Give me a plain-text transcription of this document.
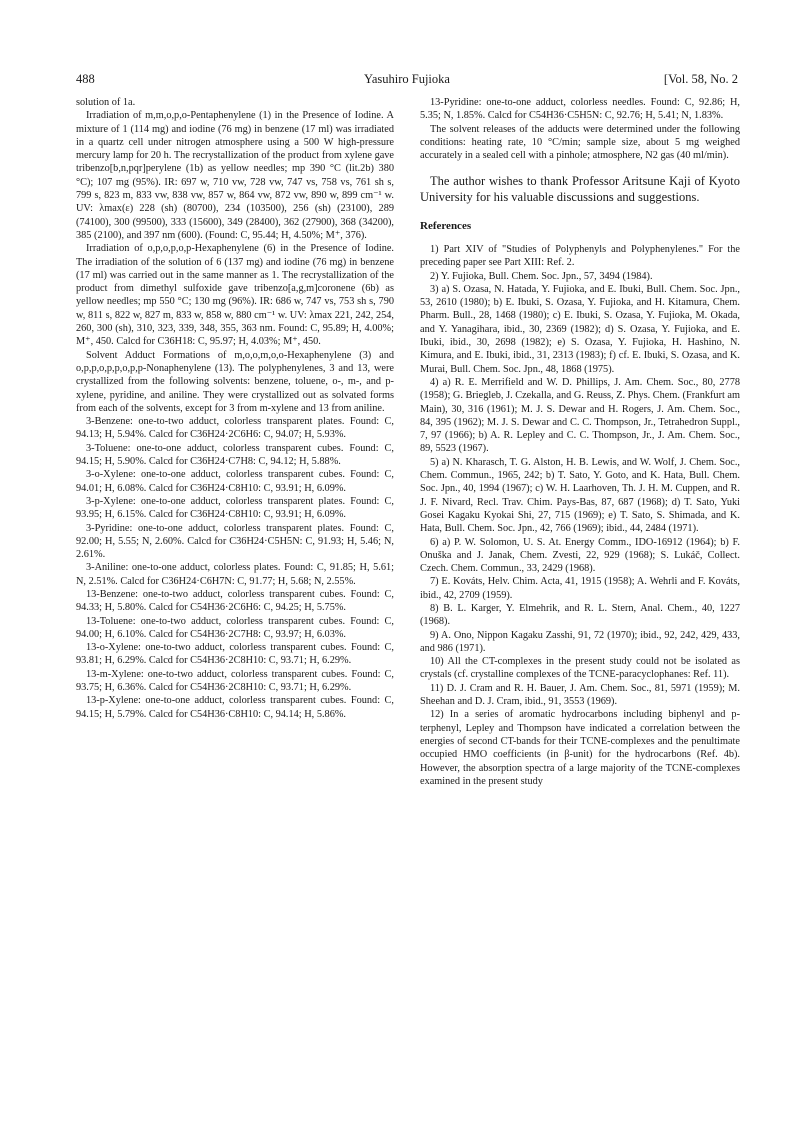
488	Yasuhiro Fujioka	[Vol. 58, No. 2

solution of 1a.

Irradiation of m,m,o,p,o-Pentaphenylene (1) in the Presence of Iodine. A mixture of 1 (114 mg) and iodine (76 mg) in benzene (17 ml) was irradiated in a quartz cell under nitrogen atmosphere using a 500 W high-pressure mercury lamp for 20 h. The recrystallization of the product from xylene gave tribenzo[b,n,pqr]perylene (1b) as yellow needles; mp 390 °C (lit.2b) 380 °C); 107 mg (95%). IR: 697 w, 710 vw, 728 vw, 747 vs, 758 vs, 761 sh s, 799 s, 823 m, 833 vw, 838 vw, 857 w, 864 vw, 872 vw, 890 w, 899 cm⁻¹ w. UV: λmax(ε) 228 (sh) (80700), 234 (103500), 256 (sh) (23100), 289 (74100), 300 (99500), 333 (15600), 349 (28400), 362 (27900), 368 (34200), 385 (2100), and 397 nm (600). (Found: C, 95.44; H, 4.50%; M⁺, 376).

Irradiation of o,p,o,p,o,p-Hexaphenylene (6) in the Presence of Iodine. The irradiation of the solution of 6 (137 mg) and iodine (76 mg) in benzene (17 ml) was carried out in the same manner as 1. The recrystallization of the product from dimethyl sulfoxide gave tribenzo[a,g,m]coronene (6b) as yellow needles; mp 550 °C; 130 mg (96%). IR: 686 w, 747 vs, 753 sh s, 790 w, 811 s, 822 w, 827 m, 833 w, 858 w, 880 cm⁻¹ w. UV: λmax 221, 242, 254, 260, 300 (sh), 310, 323, 339, 348, 355, 363 nm. Found: C, 95.89; H, 4.00%; M⁺, 450. Calcd for C36H18: C, 95.97; H, 4.03%; M⁺, 450.

Solvent Adduct Formations of m,o,o,m,o,o-Hexaphenylene (3) and o,p,p,o,p,p,o,p,p-Nonaphenylene (13). The polyphenylenes, 3 and 13, were crystallized from the following solvents: benzene, toluene, o-, m-, and p-xylene, pyridine, and aniline. They were crystallized out as solvated forms from each of the solvents, except for 3 from m-xylene and 13 from aniline.

3-Benzene: one-to-two adduct, colorless transparent plates. Found: C, 94.13; H, 5.94%. Calcd for C36H24·2C6H6: C, 94.07; H, 5.93%.

3-Toluene: one-to-one adduct, colorless transparent cubes. Found: C, 94.15; H, 5.90%. Calcd for C36H24·C7H8: C, 94.12; H, 5.88%.

3-o-Xylene: one-to-one adduct, colorless transparent cubes. Found: C, 94.01; H, 6.08%. Calcd for C36H24·C8H10: C, 93.91; H, 6.09%.

3-p-Xylene: one-to-one adduct, colorless transparent plates. Found: C, 93.95; H, 6.15%. Calcd for C36H24·C8H10: C, 93.91; H, 6.09%.

3-Pyridine: one-to-one adduct, colorless transparent plates. Found: C, 92.00; H, 5.55; N, 2.60%. Calcd for C36H24·C5H5N: C, 91.93; H, 5.46; N, 2.61%.

3-Aniline: one-to-one adduct, colorless plates. Found: C, 91.85; H, 5.61; N, 2.51%. Calcd for C36H24·C6H7N: C, 91.77; H, 5.68; N, 2.55%.

13-Benzene: one-to-two adduct, colorless transparent cubes. Found: C, 94.33; H, 5.80%. Calcd for C54H36·2C6H6: C, 94.25; H, 5.75%.

13-Toluene: one-to-two adduct, colorless transparent cubes. Found: C, 94.00; H, 6.10%. Calcd for C54H36·2C7H8: C, 93.97; H, 6.03%.

13-o-Xylene: one-to-two adduct, colorless transparent cubes. Found: C, 93.81; H, 6.29%. Calcd for C54H36·2C8H10: C, 93.71; H, 6.29%.

13-m-Xylene: one-to-two adduct, colorless transparent cubes. Found: C, 93.75; H, 6.36%. Calcd for C54H36·2C8H10: C, 93.71; H, 6.29%.

13-p-Xylene: one-to-one adduct, colorless transparent cubes. Found: C, 94.15; H, 5.79%. Calcd for C54H36·C8H10: C, 94.14; H, 5.86%.

13-Pyridine: one-to-one adduct, colorless needles. Found: C, 92.86; H, 5.35; N, 1.85%. Calcd for C54H36·C5H5N: C, 92.76; H, 5.41; N, 1.83%.

The solvent releases of the adducts were determined under the following conditions: heating rate, 10 °C/min; sample size, about 5 mg weighed accurately in a sealed cell with a pinhole; atmosphere, N2 gas (40 ml/min).

The author wishes to thank Professor Aritsune Kaji of Kyoto University for his valuable discussions and suggestions.

References

1) Part XIV of "Studies of Polyphenyls and Polyphenylenes." For the preceding paper see Part XIII: Ref. 2.

2) Y. Fujioka, Bull. Chem. Soc. Jpn., 57, 3494 (1984).

3) a) S. Ozasa, N. Hatada, Y. Fujioka, and E. Ibuki, Bull. Chem. Soc. Jpn., 53, 2610 (1980); b) E. Ibuki, S. Ozasa, Y. Fujioka, and H. Kitamura, Chem. Pharm. Bull., 28, 1468 (1980); c) E. Ibuki, S. Ozasa, Y. Fujioka, M. Okada, and Y. Yanagihara, ibid., 30, 2369 (1982); d) S. Ozasa, Y. Fujioka, and E. Ibuki, ibid., 30, 2698 (1982); e) S. Ozasa, Y. Fujioka, H. Hashino, N. Kimura, and E. Ibuki, ibid., 31, 2313 (1983); f) cf. E. Ibuki, S. Ozasa, and K. Murai, Bull. Chem. Soc. Jpn., 48, 1868 (1975).

4) a) R. E. Merrifield and W. D. Phillips, J. Am. Chem. Soc., 80, 2778 (1958); G. Briegleb, J. Czekalla, and G. Reuss, Z. Phys. Chem. (Frankfurt am Main), 30, 316 (1961); M. J. S. Dewar and H. Rogers, J. Am. Chem. Soc., 84, 395 (1962); M. J. S. Dewar and C. C. Thompson, Jr., Tetrahedron Suppl., 7, 97 (1966); b) A. R. Lepley and C. C. Thompson, Jr., J. Am. Chem. Soc., 89, 5523 (1967).

5) a) N. Kharasch, T. G. Alston, H. B. Lewis, and W. Wolf, J. Chem. Soc., Chem. Commun., 1965, 242; b) T. Sato, Y. Goto, and K. Hata, Bull. Chem. Soc. Jpn., 40, 1994 (1967); c) W. H. Laarhoven, Th. J. H. M. Cuppen, and R. J. F. Nivard, Recl. Trav. Chim. Pays-Bas, 87, 687 (1968); d) T. Sato, Yuki Gosei Kagaku Kyokai Shi, 27, 715 (1969); e) T. Sato, S. Shimada, and K. Hata, Bull. Chem. Soc. Jpn., 42, 766 (1969); ibid., 44, 2484 (1971).

6) a) P. W. Solomon, U. S. At. Energy Comm., IDO-16912 (1964); b) F. Onuška and J. Janak, Chem. Zvesti, 22, 929 (1968); S. Lukáč, Collect. Czech. Chem. Commun., 33, 2429 (1968).

7) E. Kováts, Helv. Chim. Acta, 41, 1915 (1958); A. Wehrli and F. Kováts, ibid., 42, 2709 (1959).

8) B. L. Karger, Y. Elmehrik, and R. L. Stern, Anal. Chem., 40, 1227 (1968).

9) A. Ono, Nippon Kagaku Zasshi, 91, 72 (1970); ibid., 92, 242, 429, 433, and 986 (1971).

10) All the CT-complexes in the present study could not be isolated as crystals (cf. crystalline complexes of the TCNE-paracyclophanes: Ref. 11).

11) D. J. Cram and R. H. Bauer, J. Am. Chem. Soc., 81, 5971 (1959); M. Sheehan and D. J. Cram, ibid., 91, 3553 (1969).

12) In a series of aromatic hydrocarbons including biphenyl and p-terphenyl, Lepley and Thompson have indicated a correlation between the energies of second CT-bands for their TCNE-complexes and the penultimate occupied HMO coefficients (in β-unit) for the hydrocarbons (Ref. 4b). However, the absorption spectra of a large majority of the TCNE-complexes examined in the present study
